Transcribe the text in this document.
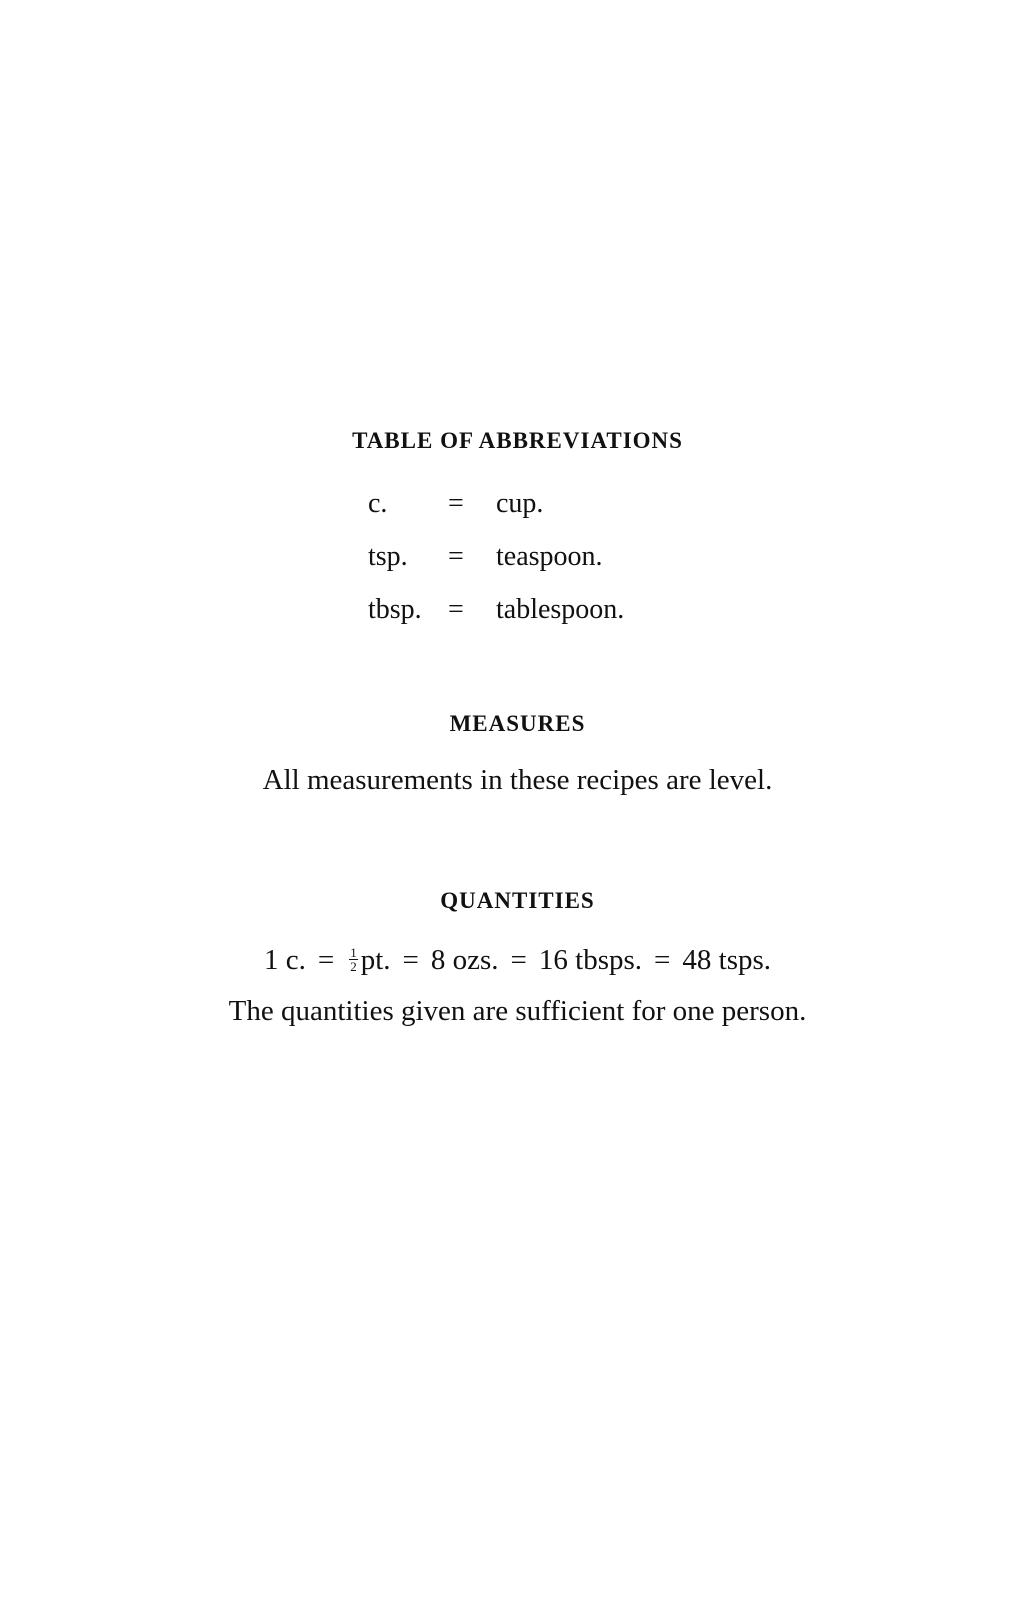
TABLE OF ABBREVIATIONS
c. = cup.
tsp. = teaspoon.
tbsp. = tablespoon.
MEASURES
All measurements in these recipes are level.
QUANTITIES
1 c. = $\frac{1}{2}$ pt. = 8 ozs. = 16 tbsps. = 48 tsps.
The quantities given are sufficient for one person.
